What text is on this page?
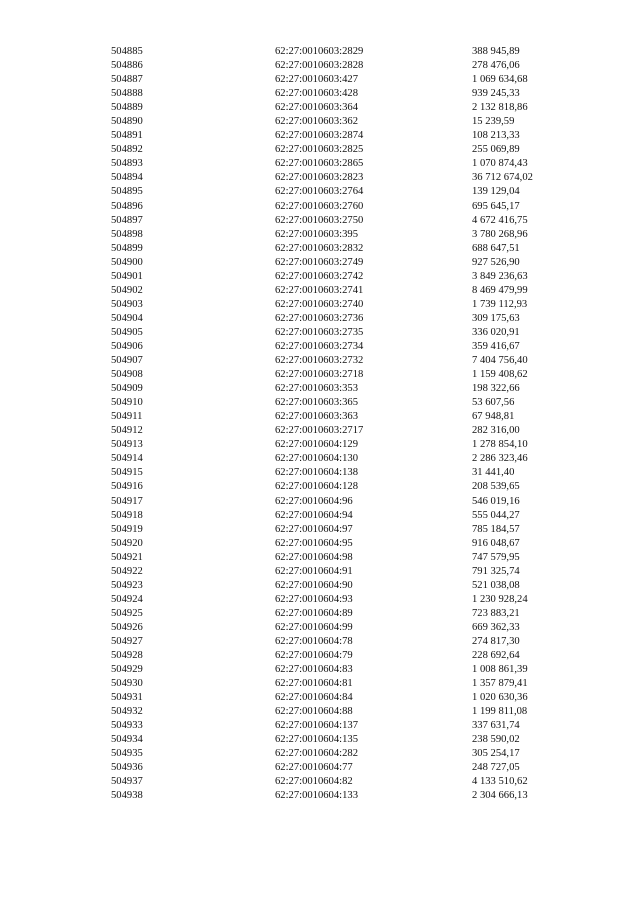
504885	62:27:0010603:2829	388 945,89
504886	62:27:0010603:2828	278 476,06
504887	62:27:0010603:427	1 069 634,68
504888	62:27:0010603:428	939 245,33
504889	62:27:0010603:364	2 132 818,86
504890	62:27:0010603:362	15 239,59
504891	62:27:0010603:2874	108 213,33
504892	62:27:0010603:2825	255 069,89
504893	62:27:0010603:2865	1 070 874,43
504894	62:27:0010603:2823	36 712 674,02
504895	62:27:0010603:2764	139 129,04
504896	62:27:0010603:2760	695 645,17
504897	62:27:0010603:2750	4 672 416,75
504898	62:27:0010603:395	3 780 268,96
504899	62:27:0010603:2832	688 647,51
504900	62:27:0010603:2749	927 526,90
504901	62:27:0010603:2742	3 849 236,63
504902	62:27:0010603:2741	8 469 479,99
504903	62:27:0010603:2740	1 739 112,93
504904	62:27:0010603:2736	309 175,63
504905	62:27:0010603:2735	336 020,91
504906	62:27:0010603:2734	359 416,67
504907	62:27:0010603:2732	7 404 756,40
504908	62:27:0010603:2718	1 159 408,62
504909	62:27:0010603:353	198 322,66
504910	62:27:0010603:365	53 607,56
504911	62:27:0010603:363	67 948,81
504912	62:27:0010603:2717	282 316,00
504913	62:27:0010604:129	1 278 854,10
504914	62:27:0010604:130	2 286 323,46
504915	62:27:0010604:138	31 441,40
504916	62:27:0010604:128	208 539,65
504917	62:27:0010604:96	546 019,16
504918	62:27:0010604:94	555 044,27
504919	62:27:0010604:97	785 184,57
504920	62:27:0010604:95	916 048,67
504921	62:27:0010604:98	747 579,95
504922	62:27:0010604:91	791 325,74
504923	62:27:0010604:90	521 038,08
504924	62:27:0010604:93	1 230 928,24
504925	62:27:0010604:89	723 883,21
504926	62:27:0010604:99	669 362,33
504927	62:27:0010604:78	274 817,30
504928	62:27:0010604:79	228 692,64
504929	62:27:0010604:83	1 008 861,39
504930	62:27:0010604:81	1 357 879,41
504931	62:27:0010604:84	1 020 630,36
504932	62:27:0010604:88	1 199 811,08
504933	62:27:0010604:137	337 631,74
504934	62:27:0010604:135	238 590,02
504935	62:27:0010604:282	305 254,17
504936	62:27:0010604:77	248 727,05
504937	62:27:0010604:82	4 133 510,62
504938	62:27:0010604:133	2 304 666,13
